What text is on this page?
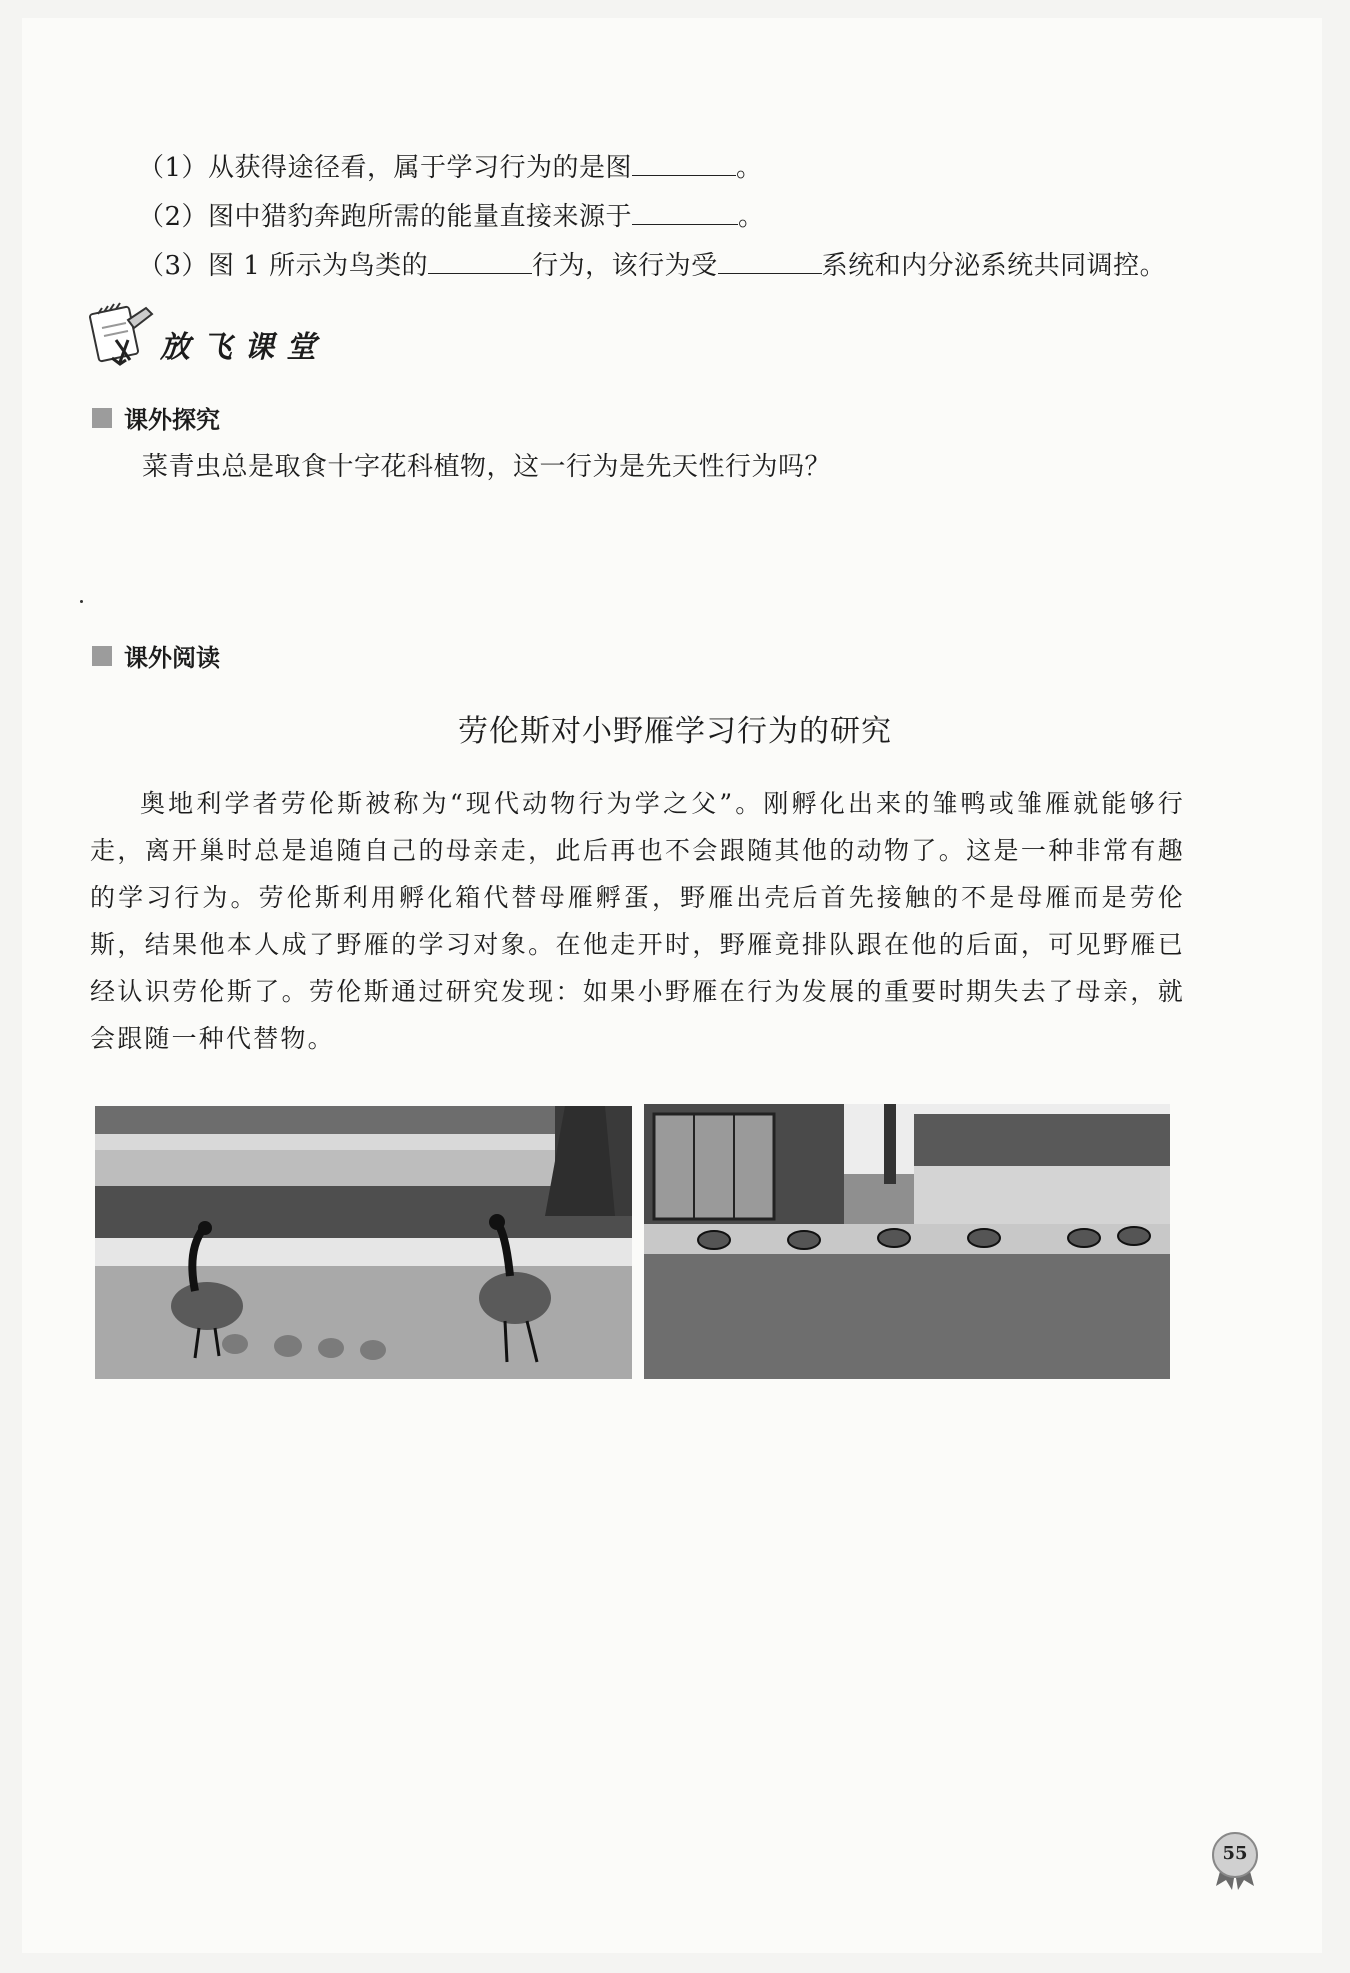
（1）从获得途径看，属于学习行为的是图	。
（2）图中猎豹奔跑所需的能量直接来源于	。
（3）图 1 所示为鸟类的	行为，该行为受	系统和内分泌系统共同调控。
放飞课堂
课外探究
菜青虫总是取食十字花科植物，这一行为是先天性行为吗？
课外阅读
劳伦斯对小野雁学习行为的研究
奥地利学者劳伦斯被称为“现代动物行为学之父”。刚孵化出来的雏鸭或雏雁就能够行走，离开巢时总是追随自己的母亲走，此后再也不会跟随其他的动物了。这是一种非常有趣的学习行为。劳伦斯利用孵化箱代替母雁孵蛋，野雁出壳后首先接触的不是母雁而是劳伦斯，结果他本人成了野雁的学习对象。在他走开时，野雁竟排队跟在他的后面，可见野雁已经认识劳伦斯了。劳伦斯通过研究发现：如果小野雁在行为发展的重要时期失去了母亲，就会跟随一种代替物。
55
